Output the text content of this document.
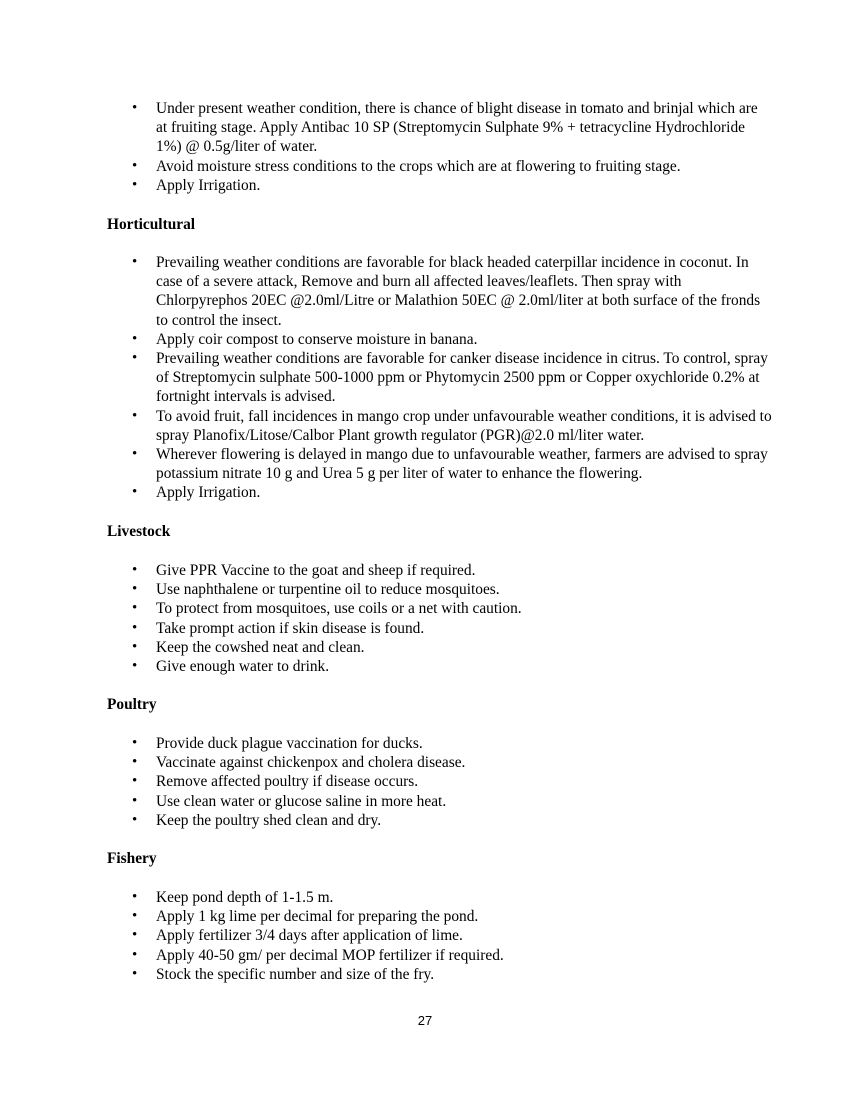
• Under present weather condition, there is chance of blight disease in tomato and brinjal which are at fruiting stage. Apply Antibac 10 SP (Streptomycin Sulphate 9% + tetracycline Hydrochloride 1%) @ 0.5g/liter of water.
• Avoid moisture stress conditions to the crops which are at flowering to fruiting stage.
• Apply Irrigation.
Horticultural
• Prevailing weather conditions are favorable for black headed caterpillar incidence in coconut. In case of a severe attack, Remove and burn all affected leaves/leaflets. Then spray with Chlorpyrephos 20EC @2.0ml/Litre or Malathion 50EC @ 2.0ml/liter at both surface of the fronds to control the insect.
• Apply coir compost to conserve moisture in banana.
• Prevailing weather conditions are favorable for canker disease incidence in citrus. To control, spray of Streptomycin sulphate 500-1000 ppm or Phytomycin 2500 ppm or Copper oxychloride 0.2% at fortnight intervals is advised.
• To avoid fruit, fall incidences in mango crop under unfavourable weather conditions, it is advised to spray Planofix/Litose/Calbor Plant growth regulator (PGR)@2.0 ml/liter water.
• Wherever flowering is delayed in mango due to unfavourable weather, farmers are advised to spray potassium nitrate 10 g and Urea 5 g per liter of water to enhance the flowering.
• Apply Irrigation.
Livestock
• Give PPR Vaccine to the goat and sheep if required.
• Use naphthalene or turpentine oil to reduce mosquitoes.
• To protect from mosquitoes, use coils or a net with caution.
• Take prompt action if skin disease is found.
• Keep the cowshed neat and clean.
• Give enough water to drink.
Poultry
• Provide duck plague vaccination for ducks.
• Vaccinate against chickenpox and cholera disease.
• Remove affected poultry if disease occurs.
• Use clean water or glucose saline in more heat.
• Keep the poultry shed clean and dry.
Fishery
• Keep pond depth of 1-1.5 m.
• Apply 1 kg lime per decimal for preparing the pond.
• Apply fertilizer 3/4 days after application of lime.
• Apply 40-50 gm/ per decimal MOP fertilizer if required.
• Stock the specific number and size of the fry.
27
